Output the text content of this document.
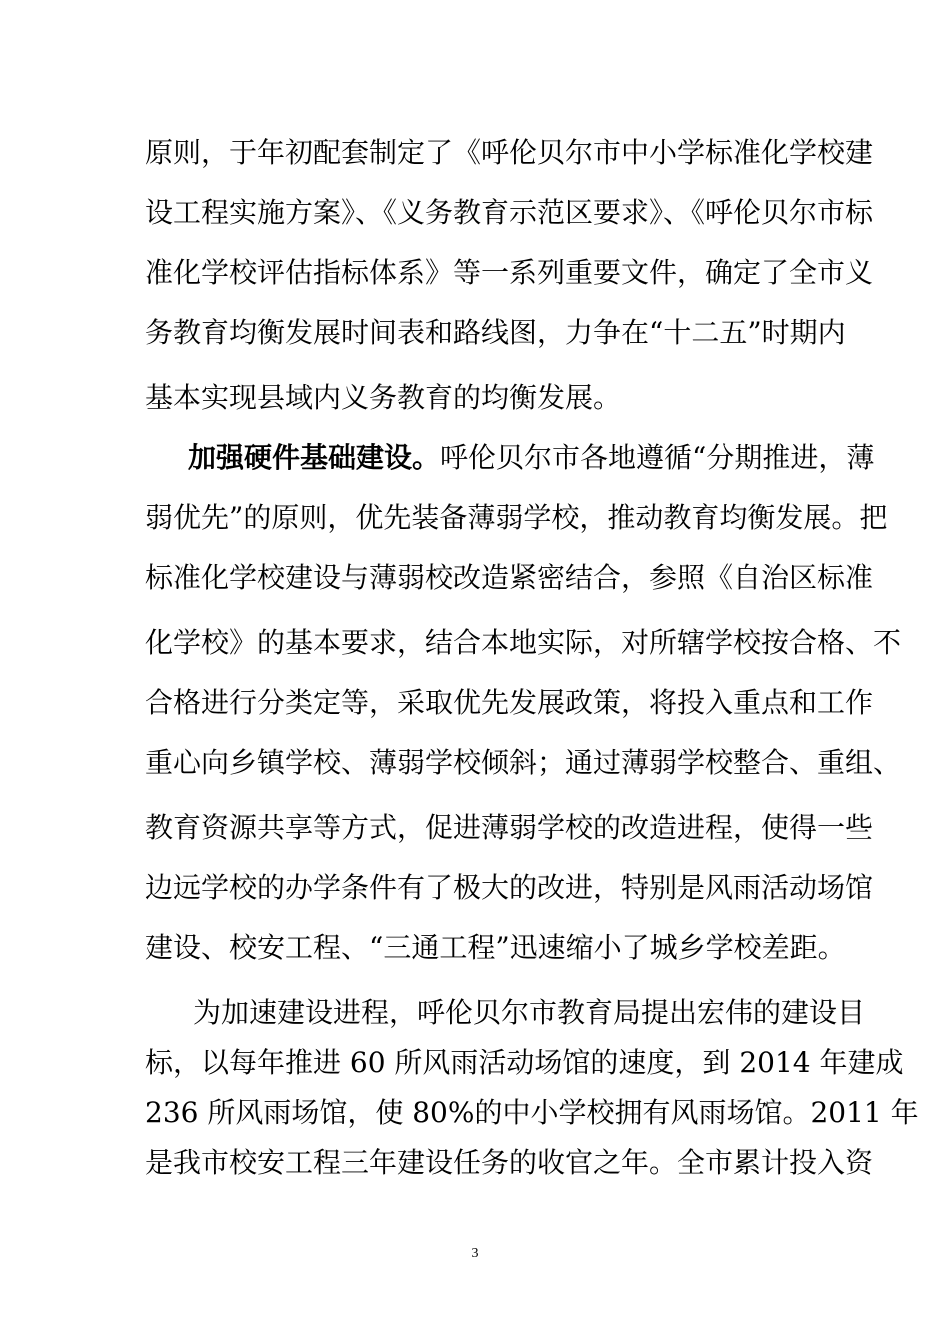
原则，于年初配套制定了《呼伦贝尔市中小学标准化学校建
设工程实施方案》、《义务教育示范区要求》、《呼伦贝尔市标
准化学校评估指标体系》等一系列重要文件，确定了全市义
务教育均衡发展时间表和路线图，力争在“十二五”时期内
基本实现县域内义务教育的均衡发展。
加强硬件基础建设。呼伦贝尔市各地遵循“分期推进，薄
弱优先”的原则，优先装备薄弱学校，推动教育均衡发展。把
标准化学校建设与薄弱校改造紧密结合，参照《自治区标准
化学校》的基本要求，结合本地实际，对所辖学校按合格、不
合格进行分类定等，采取优先发展政策，将投入重点和工作
重心向乡镇学校、薄弱学校倾斜；通过薄弱学校整合、重组、
教育资源共享等方式，促进薄弱学校的改造进程，使得一些
边远学校的办学条件有了极大的改进，特别是风雨活动场馆
建设、校安工程、“三通工程”迅速缩小了城乡学校差距。
为加速建设进程，呼伦贝尔市教育局提出宏伟的建设目
标，以每年推进 60 所风雨活动场馆的速度，到 2014 年建成
236 所风雨场馆，使 80%的中小学校拥有风雨场馆。2011 年
是我市校安工程三年建设任务的收官之年。全市累计投入资
3
